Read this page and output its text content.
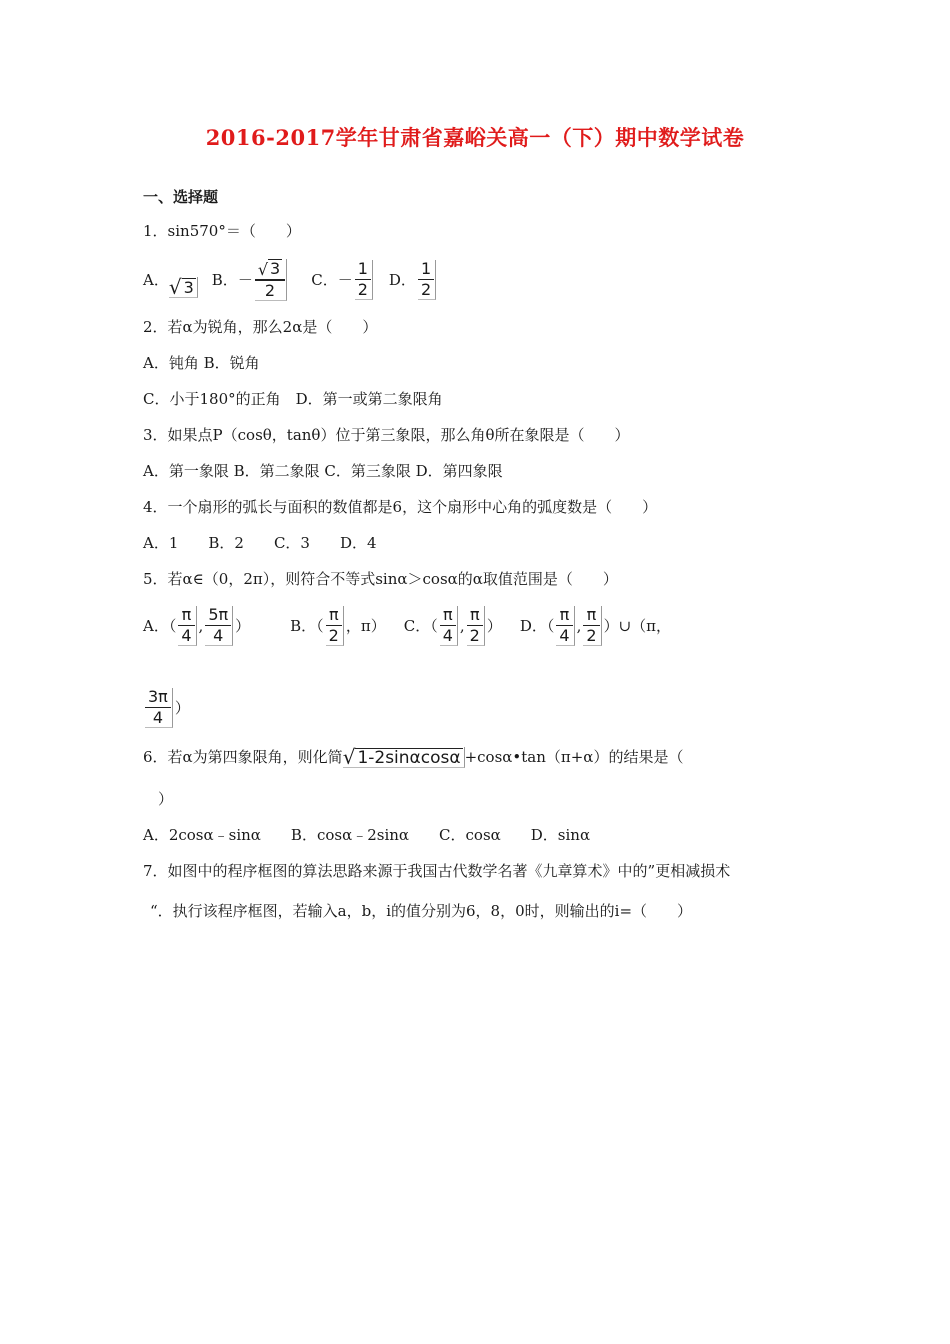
2016-2017学年甘肃省嘉峪关高一（下）期中数学试卷
一、选择题
1．sin570°＝（　　）
A． √ 3 B． － $\frac{√ 3}{2}$ C． － $\frac{1}{2}$ D． $\frac{1}{2}$
2．若α为锐角，那么2α是（　　）
A．钝角 B．锐角
C．小于180°的正角　D．第一或第二象限角
3．如果点P（cosθ，tanθ）位于第三象限，那么角θ所在象限是（　　）
A．第一象限 B．第二象限 C．第三象限 D．第四象限
4．一个扇形的弧长与面积的数值都是6，这个扇形中心角的弧度数是（　　）
A．1　　B．2　　C．3　　D．4
5．若α∈（0，2π），则符合不等式sinα＞cosα的α取值范围是（　　）
A．（ $\frac{\pi}{4}$ , $\frac{5\pi}{4}$ ）	B．（ $\frac{\pi}{2}$ ，π） C．（ $\frac{\pi}{4}$ , $\frac{\pi}{2}$ ） D．（ $\frac{\pi}{4}$ , $\frac{\pi}{2}$ ）∪（π，
$\frac{3\pi}{4}$ ）
6．若α为第四象限角，则化简 √ 1-2sinαcosα +cosα•tan（π+α）的结果是（
）
A．2cosα﹣sinα　　B．cosα﹣2sinα　　C．cosα　　D．sinα
7．如图中的程序框图的算法思路来源于我国古代数学名著《九章算术》中的”更相减损术
“．执行该程序框图，若输入a，b，i的值分别为6，8，0时，则输出的i=（　　）
